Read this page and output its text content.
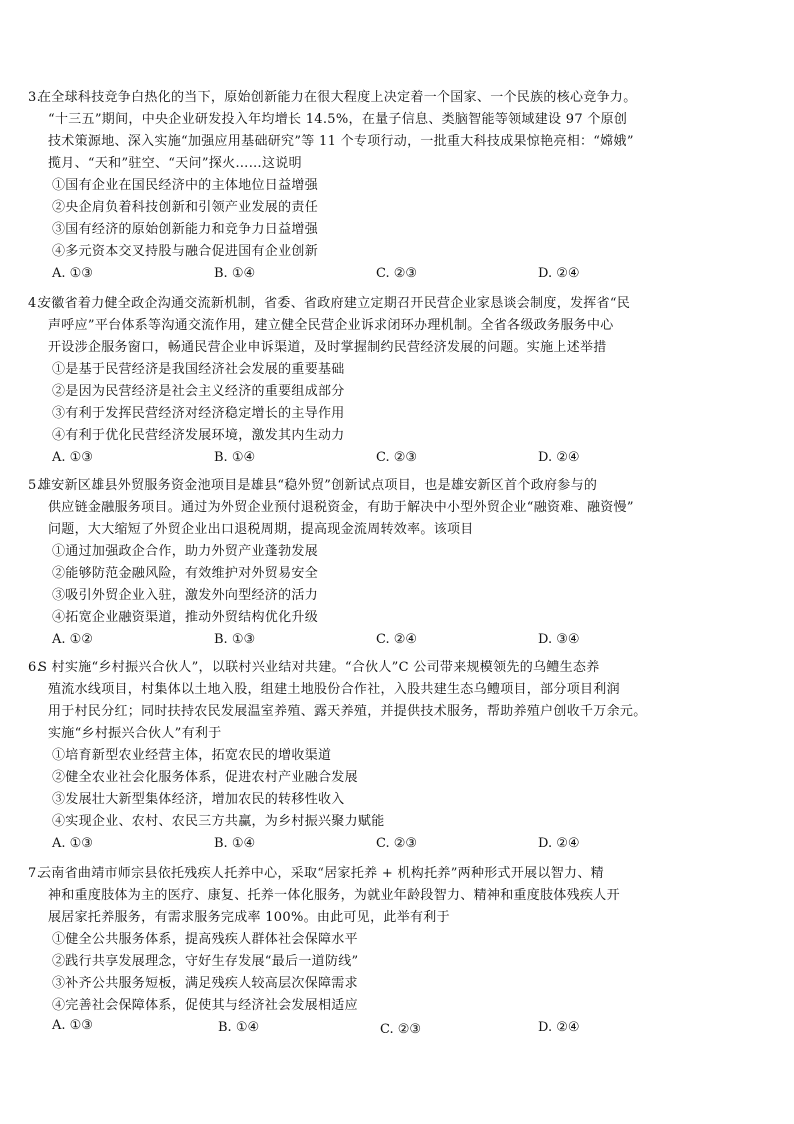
3.
在全球科技竞争白热化的当下，原始创新能力在很大程度上决定着一个国家、一个民族的核心竞争力。
“十三五”期间，中央企业研发投入年均增长 14.5%，在量子信息、类脑智能等领域建设 97 个原创
技术策源地、深入实施“加强应用基础研究”等 11 个专项行动，一批重大科技成果惊艳亮相：“嫦娥”
揽月、“天和”驻空、“天问”探火……这说明
①国有企业在国民经济中的主体地位日益增强
②央企肩负着科技创新和引领产业发展的责任
③国有经济的原始创新能力和竞争力日益增强
④多元资本交叉持股与融合促进国有企业创新
A. ①③	B. ①④	C. ②③	D. ②④
4.
安徽省着力健全政企沟通交流新机制，省委、省政府建立定期召开民营企业家恳谈会制度，发挥省“民
声呼应”平台体系等沟通交流作用，建立健全民营企业诉求闭环办理机制。全省各级政务服务中心
开设涉企服务窗口，畅通民营企业申诉渠道，及时掌握制约民营经济发展的问题。实施上述举措
①是基于民营经济是我国经济社会发展的重要基础
②是因为民营经济是社会主义经济的重要组成部分
③有利于发挥民营经济对经济稳定增长的主导作用
④有利于优化民营经济发展环境，激发其内生动力
A. ①③	B. ①④	C. ②③	D. ②④
5.
雄安新区雄县外贸服务资金池项目是雄县“稳外贸”创新试点项目，也是雄安新区首个政府参与的
供应链金融服务项目。通过为外贸企业预付退税资金，有助于解决中小型外贸企业“融资难、融资慢”
问题，大大缩短了外贸企业出口退税周期，提高现金流周转效率。该项目
①通过加强政企合作，助力外贸产业蓬勃发展
②能够防范金融风险，有效维护对外贸易安全
③吸引外贸企业入驻，激发外向型经济的活力
④拓宽企业融资渠道，推动外贸结构优化升级
A. ①②	B. ①③	C. ②④	D. ③④
6.
S 村实施“乡村振兴合伙人”，以联村兴业结对共建。“合伙人”C 公司带来规模领先的乌鳢生态养
殖流水线项目，村集体以土地入股，组建土地股份合作社，入股共建生态乌鳢项目，部分项目利润
用于村民分红；同时扶持农民发展温室养殖、露天养殖，并提供技术服务，帮助养殖户创收千万余元。
实施“乡村振兴合伙人”有利于
①培育新型农业经营主体，拓宽农民的增收渠道
②健全农业社会化服务体系，促进农村产业融合发展
③发展壮大新型集体经济，增加农民的转移性收入
④实现企业、农村、农民三方共赢，为乡村振兴聚力赋能
A. ①③	B. ①④	C. ②③	D. ②④
7.
云南省曲靖市师宗县依托残疾人托养中心，采取“居家托养 + 机构托养”两种形式开展以智力、精
神和重度肢体为主的医疗、康复、托养一体化服务，为就业年龄段智力、精神和重度肢体残疾人开
展居家托养服务，有需求服务完成率 100%。由此可见，此举有利于
①健全公共服务体系，提高残疾人群体社会保障水平
②践行共享发展理念，守好生存发展“最后一道防线”
③补齐公共服务短板，满足残疾人较高层次保障需求
④完善社会保障体系，促使其与经济社会发展相适应
A. ①③	B. ①④	C. ②③	D. ②④
